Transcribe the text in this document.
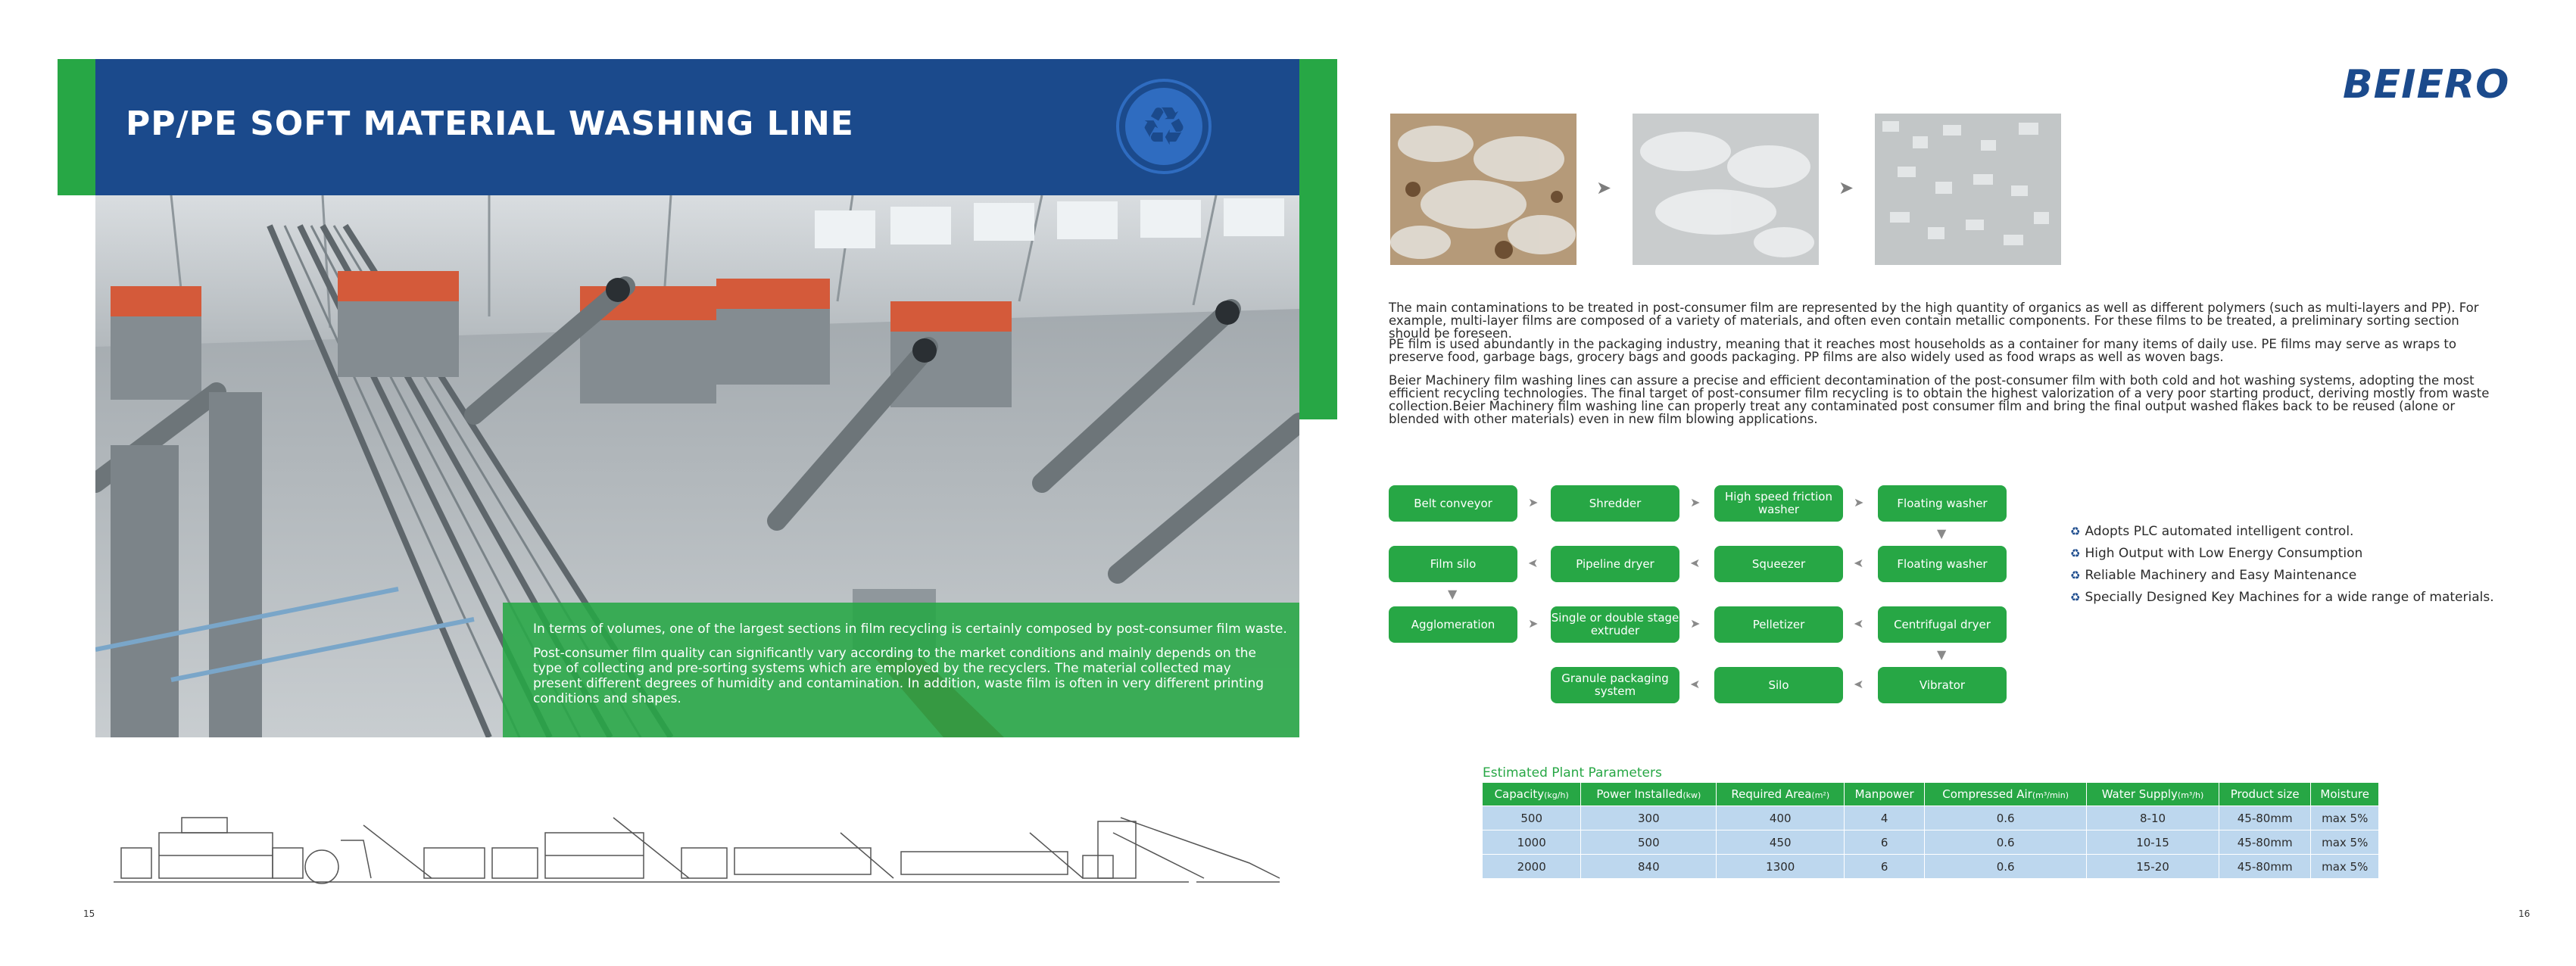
PP/PE SOFT MATERIAL WASHING LINE	♻
In terms of volumes, one of the largest sections in film recycling is certainly composed by post-consumer film waste.
Post-consumer film quality can significantly vary according to the market conditions and mainly depends on the type of collecting and pre-sorting systems which are employed by the recyclers. The material collected may present different degrees of humidity and contamination. In addition, waste film is often in very different printing conditions and shapes.
15
BEIERO
➤	➤
The main contaminations to be treated in post-consumer film are represented by the high quantity of organics as well as different polymers (such as multi-layers and PP). For example, multi-layer films are composed of a variety of materials, and often even contain metallic components. For these films to be treated, a preliminary sorting section should be foreseen.
PE film is used abundantly in the packaging industry, meaning that it reaches most households as a container for many items of daily use. PE films may serve as wraps to preserve food, garbage bags, grocery bags and goods packaging. PP films are also widely used as food wraps as well as woven bags.
Beier Machinery film washing lines can assure a precise and efficient decontamination of the post-consumer film with both cold and hot washing systems, adopting the most efficient recycling technologies. The final target of post-consumer film recycling is to obtain the highest valorization of a very poor starting product, deriving mostly from waste collection.Beier Machinery film washing line can properly treat any contaminated post consumer film and bring the final output washed flakes back to be reused (alone or blended with other materials) even in new film blowing applications.
Belt conveyor	➤	Shredder	➤	High speed friction washer	➤	Floating washer
▼
Film silo	➤	Pipeline dryer	➤	Squeezer	➤	Floating washer
▼
Agglomeration	➤ Single or double stage extruder	➤	Pelletizer	➤	Centrifugal dryer
▼
Granule packaging system	➤	Silo	➤	Vibrator
♻ Adopts PLC automated intelligent control.
♻ High Output with Low Energy Consumption
♻ Reliable Machinery and Easy Maintenance
♻ Specially Designed Key Machines for a wide range of materials.
Estimated Plant Parameters
Capacity(kg/h)	Power Installed(kw)	Required Area(m²)	Manpower	Compressed Air(m³/min)	Water Supply(m³/h)	Product size	Moisture
500	300	400	4	0.6	8-10	45-80mm	max 5%
1000	500	450	6	0.6	10-15	45-80mm	max 5%
2000	840	1300	6	0.6	15-20	45-80mm	max 5%
16
